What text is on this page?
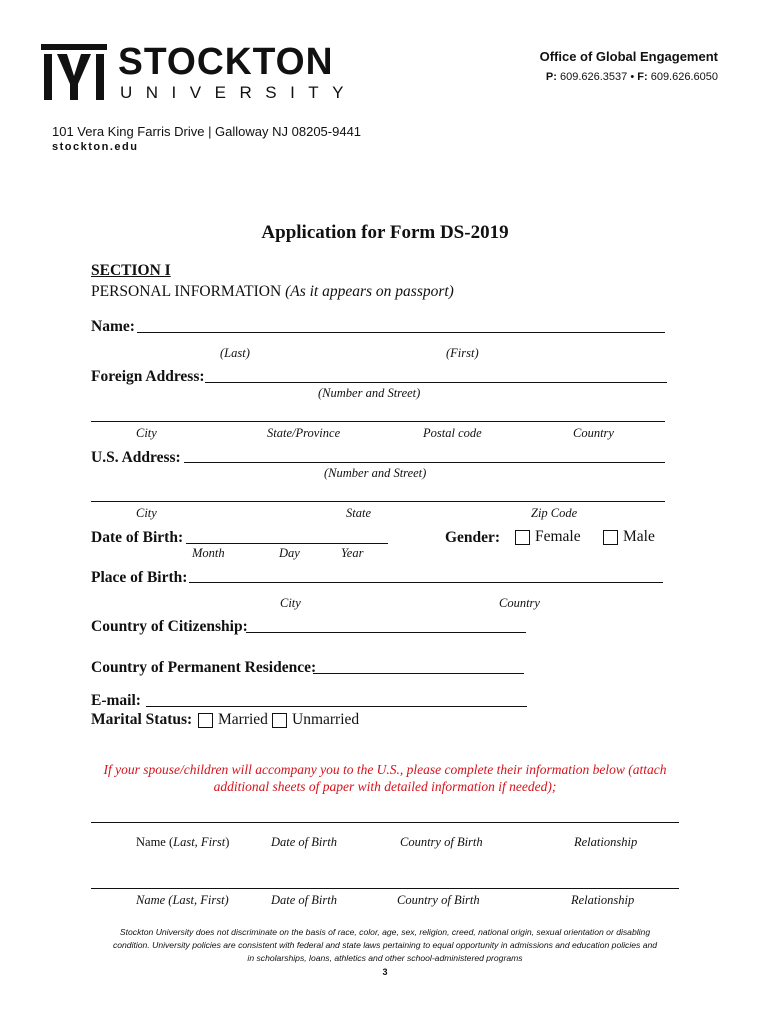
STOCKTON
UNIVERSITY
Office of Global Engagement
P: 609.626.3537 • F: 609.626.6050
101 Vera King Farris Drive | Galloway NJ 08205-9441
stockton.edu
Application for Form DS-2019
SECTION I
PERSONAL INFORMATION (As it appears on passport)
Name:
(Last)	(First)
Foreign Address:
(Number and Street)
City	State/Province	Postal code	Country
U.S. Address:
(Number and Street)
City	State	Zip Code
Date of Birth:
Month	Day	Year
Gender: Female	Male
Place of Birth:
City	Country
Country of Citizenship:
Country of Permanent Residence:
E-mail:
Marital Status: Married Unmarried
If your spouse/children will accompany you to the U.S., please complete their information below (attach
additional sheets of paper with detailed information if needed);
Name (Last, First)	Date of Birth	Country of Birth	Relationship
Name (Last, First)	Date of Birth	Country of Birth	Relationship
Stockton University does not discriminate on the basis of race, color, age, sex, religion, creed, national origin, sexual orientation or disabling
condition. University policies are consistent with federal and state laws pertaining to equal opportunity in admissions and education policies and
in scholarships, loans, athletics and other school-administered programs
3
